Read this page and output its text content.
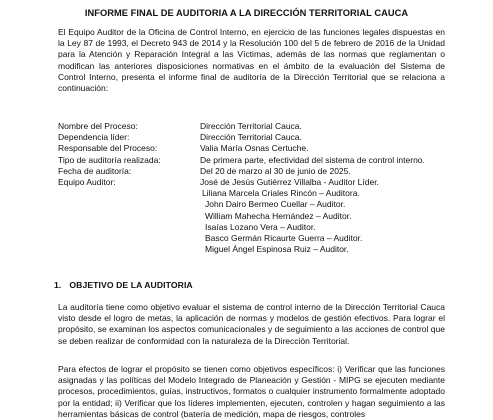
INFORME FINAL DE AUDITORIA A LA DIRECCIÓN TERRITORIAL CAUCA

El Equipo Auditor de la Oficina de Control Interno, en ejercicio de las funciones legales dispuestas en la Ley 87 de 1993, el Decreto 943 de 2014 y la Resolución 100 del 5 de febrero de 2016 de la Unidad para la Atención y Reparación Integral a las Víctimas, además de las normas que reglamentan o modifican las anteriores disposiciones normativas en el ámbito de la evaluación del Sistema de Control Interno, presenta el informe final de auditoría de la Dirección Territorial que se relaciona a continuación:

Nombre del Proceso:	Dirección Territorial Cauca.
Dependencia líder:	Dirección Territorial Cauca.
Responsable del Proceso:	Valia María Osnas Certuche.
Tipo de auditoría realizada:	De primera parte, efectividad del sistema de control interno.
Fecha de auditoría:	Del 20 de marzo al 30 de junio de 2025.
Equipo Auditor:	José de Jesús Gutiérrez Villalba - Auditor Líder.
Liliana Marcela Criales Rincón – Auditora.
John Dairo Bermeo Cuellar – Auditor.
William Mahecha Hernández – Auditor.
Isaías Lozano Vera – Auditor.
Basco Germán Ricaurte Guerra – Auditor.
Miguel Ángel Espinosa Ruiz – Auditor.
1. OBJETIVO DE LA AUDITORIA

La auditoría tiene como objetivo evaluar el sistema de control interno de la Dirección Territorial Cauca visto desde el logro de metas, la aplicación de normas y modelos de gestión efectivos. Para lograr el propósito, se examinan los aspectos comunicacionales y de seguimiento a las acciones de control que se deben realizar de conformidad con la naturaleza de la Dirección Territorial.

Para efectos de lograr el propósito se tienen como objetivos específicos: i) Verificar que las funciones asignadas y las políticas del Modelo Integrado de Planeación y Gestión - MIPG se ejecuten mediante procesos, procedimientos, guías, instructivos, formatos o cualquier instrumento formalmente adoptado por la entidad; ii) Verificar que los líderes implementen, ejecuten, controlen y hagan seguimiento a las herramientas básicas de control (batería de medición, mapa de riesgos, controles
